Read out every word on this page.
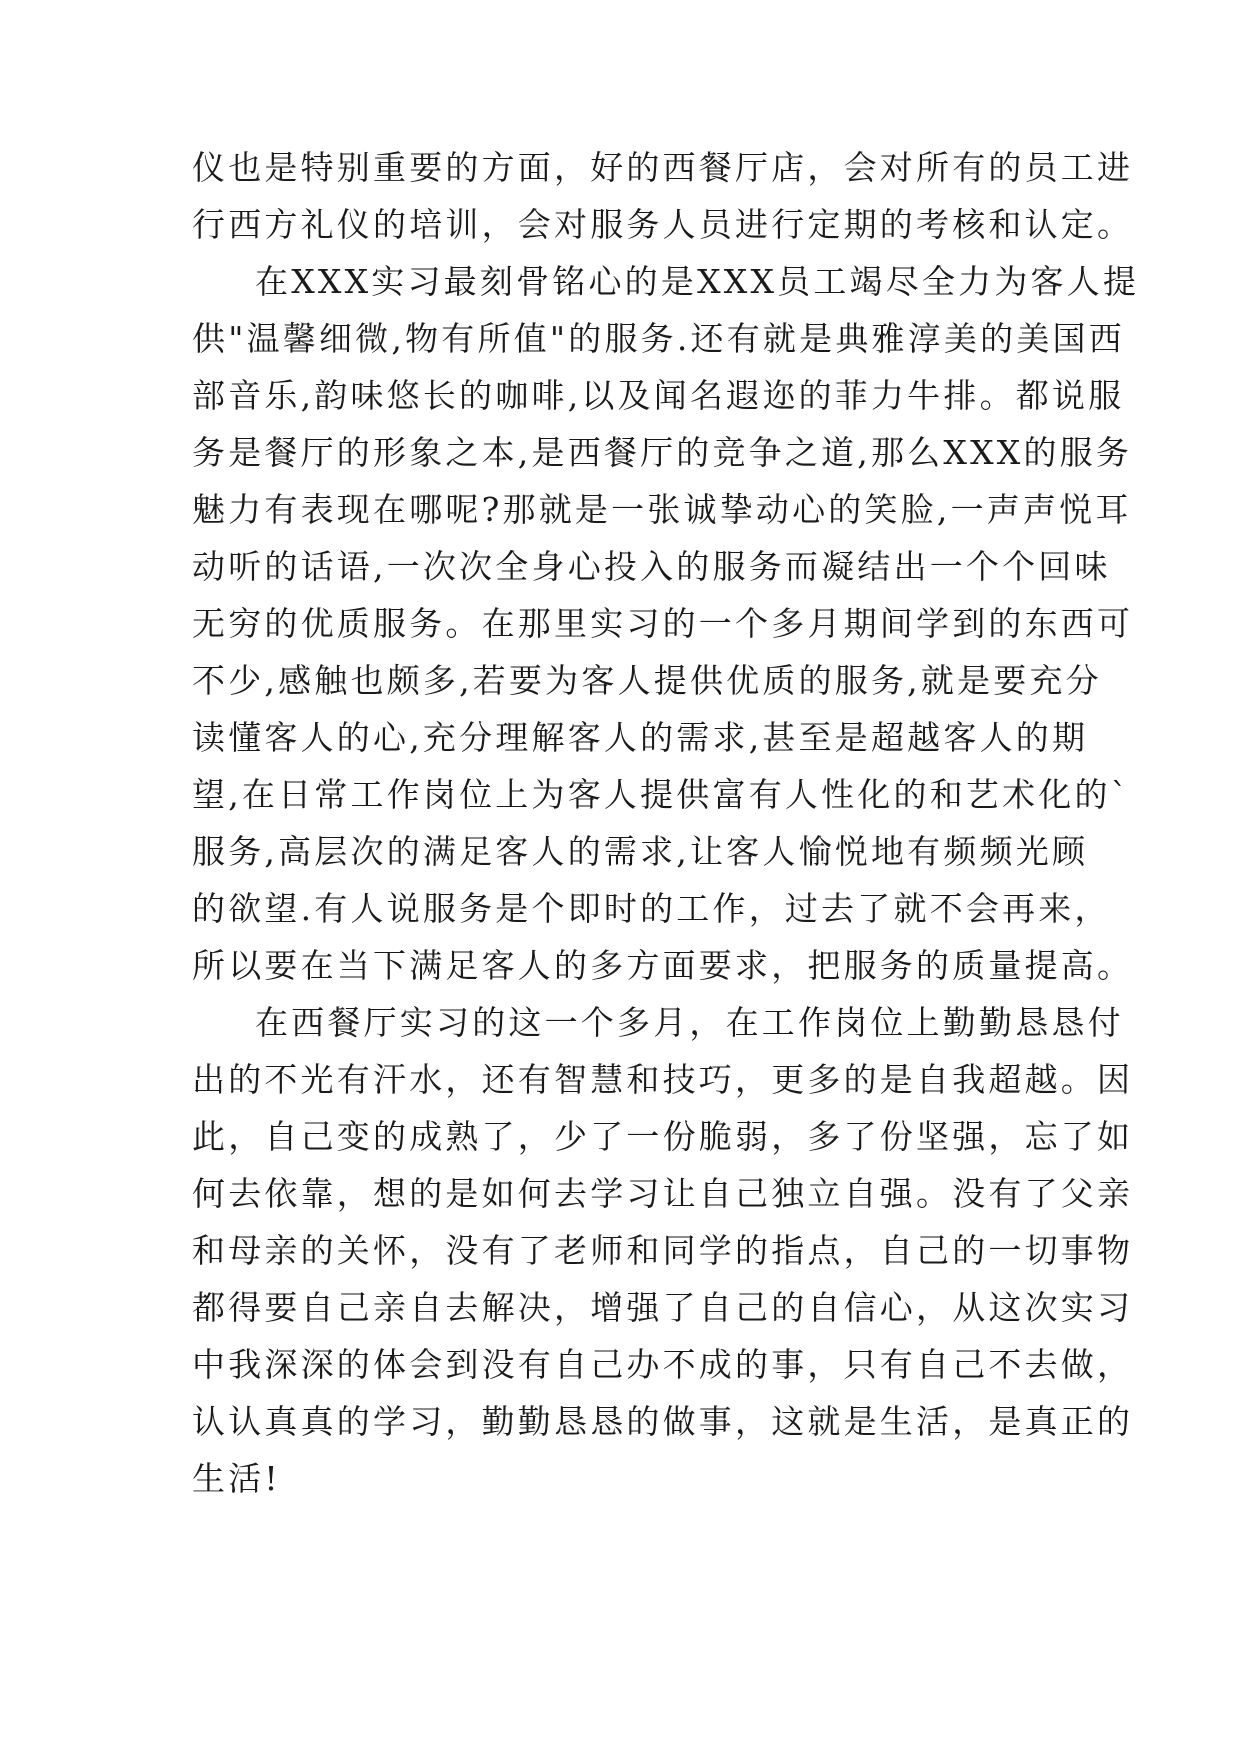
仪也是特别重要的方面，好的西餐厅店，会对所有的员工进
行西方礼仪的培训，会对服务人员进行定期的考核和认定。
在XXX实习最刻骨铭心的是XXX员工竭尽全力为客人提
供"温馨细微,物有所值"的服务.还有就是典雅淳美的美国西
部音乐,韵味悠长的咖啡,以及闻名遐迩的菲力牛排。都说服
务是餐厅的形象之本,是西餐厅的竞争之道,那么XXX的服务
魅力有表现在哪呢?那就是一张诚挚动心的笑脸,一声声悦耳
动听的话语,一次次全身心投入的服务而凝结出一个个回味
无穷的优质服务。在那里实习的一个多月期间学到的东西可
不少,感触也颇多,若要为客人提供优质的服务,就是要充分
读懂客人的心,充分理解客人的需求,甚至是超越客人的期
望,在日常工作岗位上为客人提供富有人性化的和艺术化的`
服务,高层次的满足客人的需求,让客人愉悦地有频频光顾
的欲望.有人说服务是个即时的工作，过去了就不会再来，
所以要在当下满足客人的多方面要求，把服务的质量提高。
在西餐厅实习的这一个多月，在工作岗位上勤勤恳恳付
出的不光有汗水，还有智慧和技巧，更多的是自我超越。因
此，自己变的成熟了，少了一份脆弱，多了份坚强，忘了如
何去依靠，想的是如何去学习让自己独立自强。没有了父亲
和母亲的关怀，没有了老师和同学的指点，自己的一切事物
都得要自己亲自去解决，增强了自己的自信心，从这次实习
中我深深的体会到没有自己办不成的事，只有自己不去做，
认认真真的学习，勤勤恳恳的做事，这就是生活，是真正的
生活!
